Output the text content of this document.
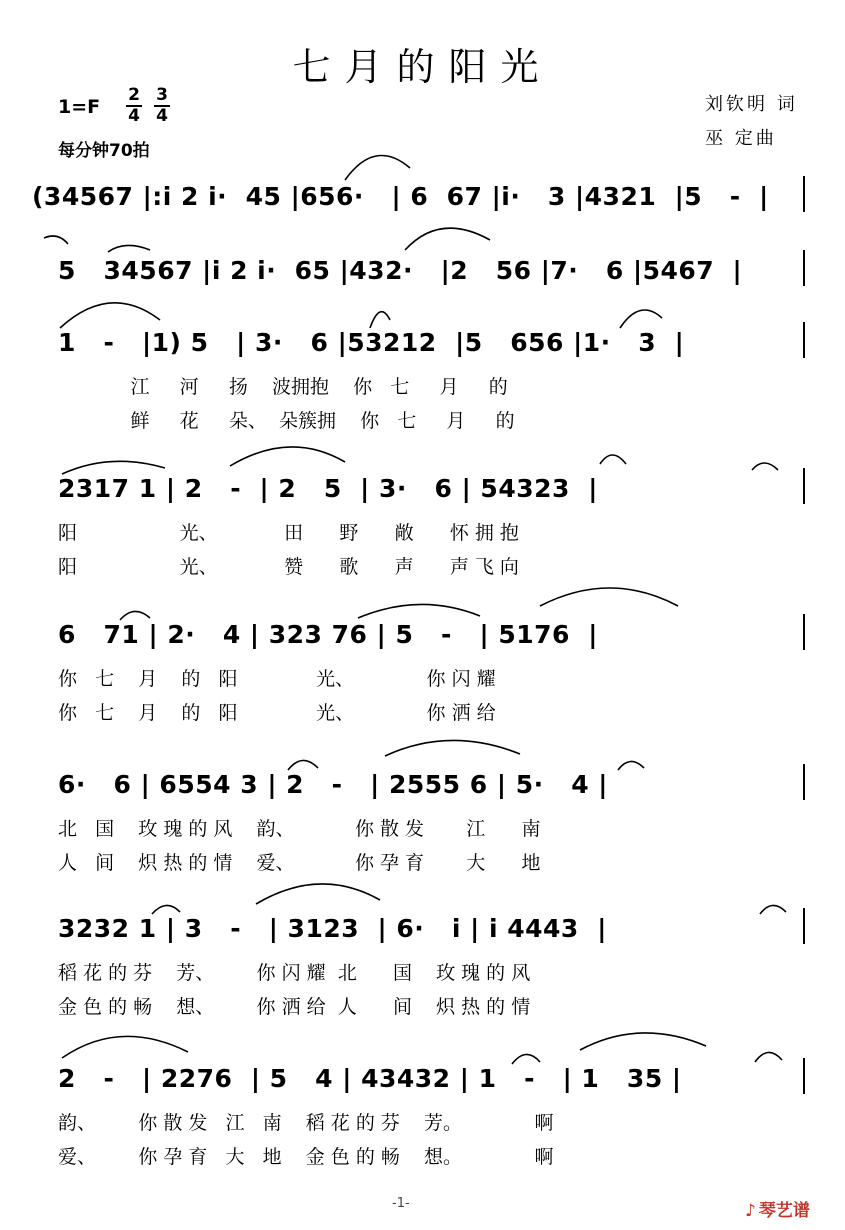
七月的阳光
1=F
2
4
3
4
每分钟70拍
刘钦明 词
巫 定曲
(34567 |:i 2 i·  45 |656·   | 6  67 |i·   3 |4321  |5   -  |
5   34567 |i 2 i·  65 |432·   |2   56 |7·   6 |5467  |
1   -   |1) 5   | 3·   6 |53212  |5   656 |1·   3  |
江     河     扬    波拥抱    你   七     月     的
鲜     花     朵、  朵簇拥    你   七     月     的
2317 1 | 2   -  | 2   5  | 3·   6 | 54323  |
阳                 光、           田      野      敞      怀 拥 抱
阳                 光、           赞      歌      声      声 飞 向
6   71 | 2·   4 | 323 76 | 5   -   | 5176  |
你   七    月    的   阳             光、            你 闪 耀
你   七    月    的   阳             光、            你 洒 给
6·   6 | 6554 3 | 2   -   | 2555 6 | 5·   4 |
北   国    玫 瑰 的 风    韵、          你 散 发       江      南
人   间    炽 热 的 情    爱、          你 孕 育       大      地
3232 1 | 3   -   | 3123  | 6·   i | i 4443  |
稻 花 的 芬    芳、       你 闪 耀  北      国    玫 瑰 的 风
金 色 的 畅    想、       你 洒 给  人      间    炽 热 的 情
2   -   | 2276  | 5   4 | 43432 | 1   -   | 1   35 |
韵、       你 散 发   江   南    稻 花 的 芬    芳。            啊
爱、       你 孕 育   大   地    金 色 的 畅    想。            啊
-1-	♪ 琴艺谱
